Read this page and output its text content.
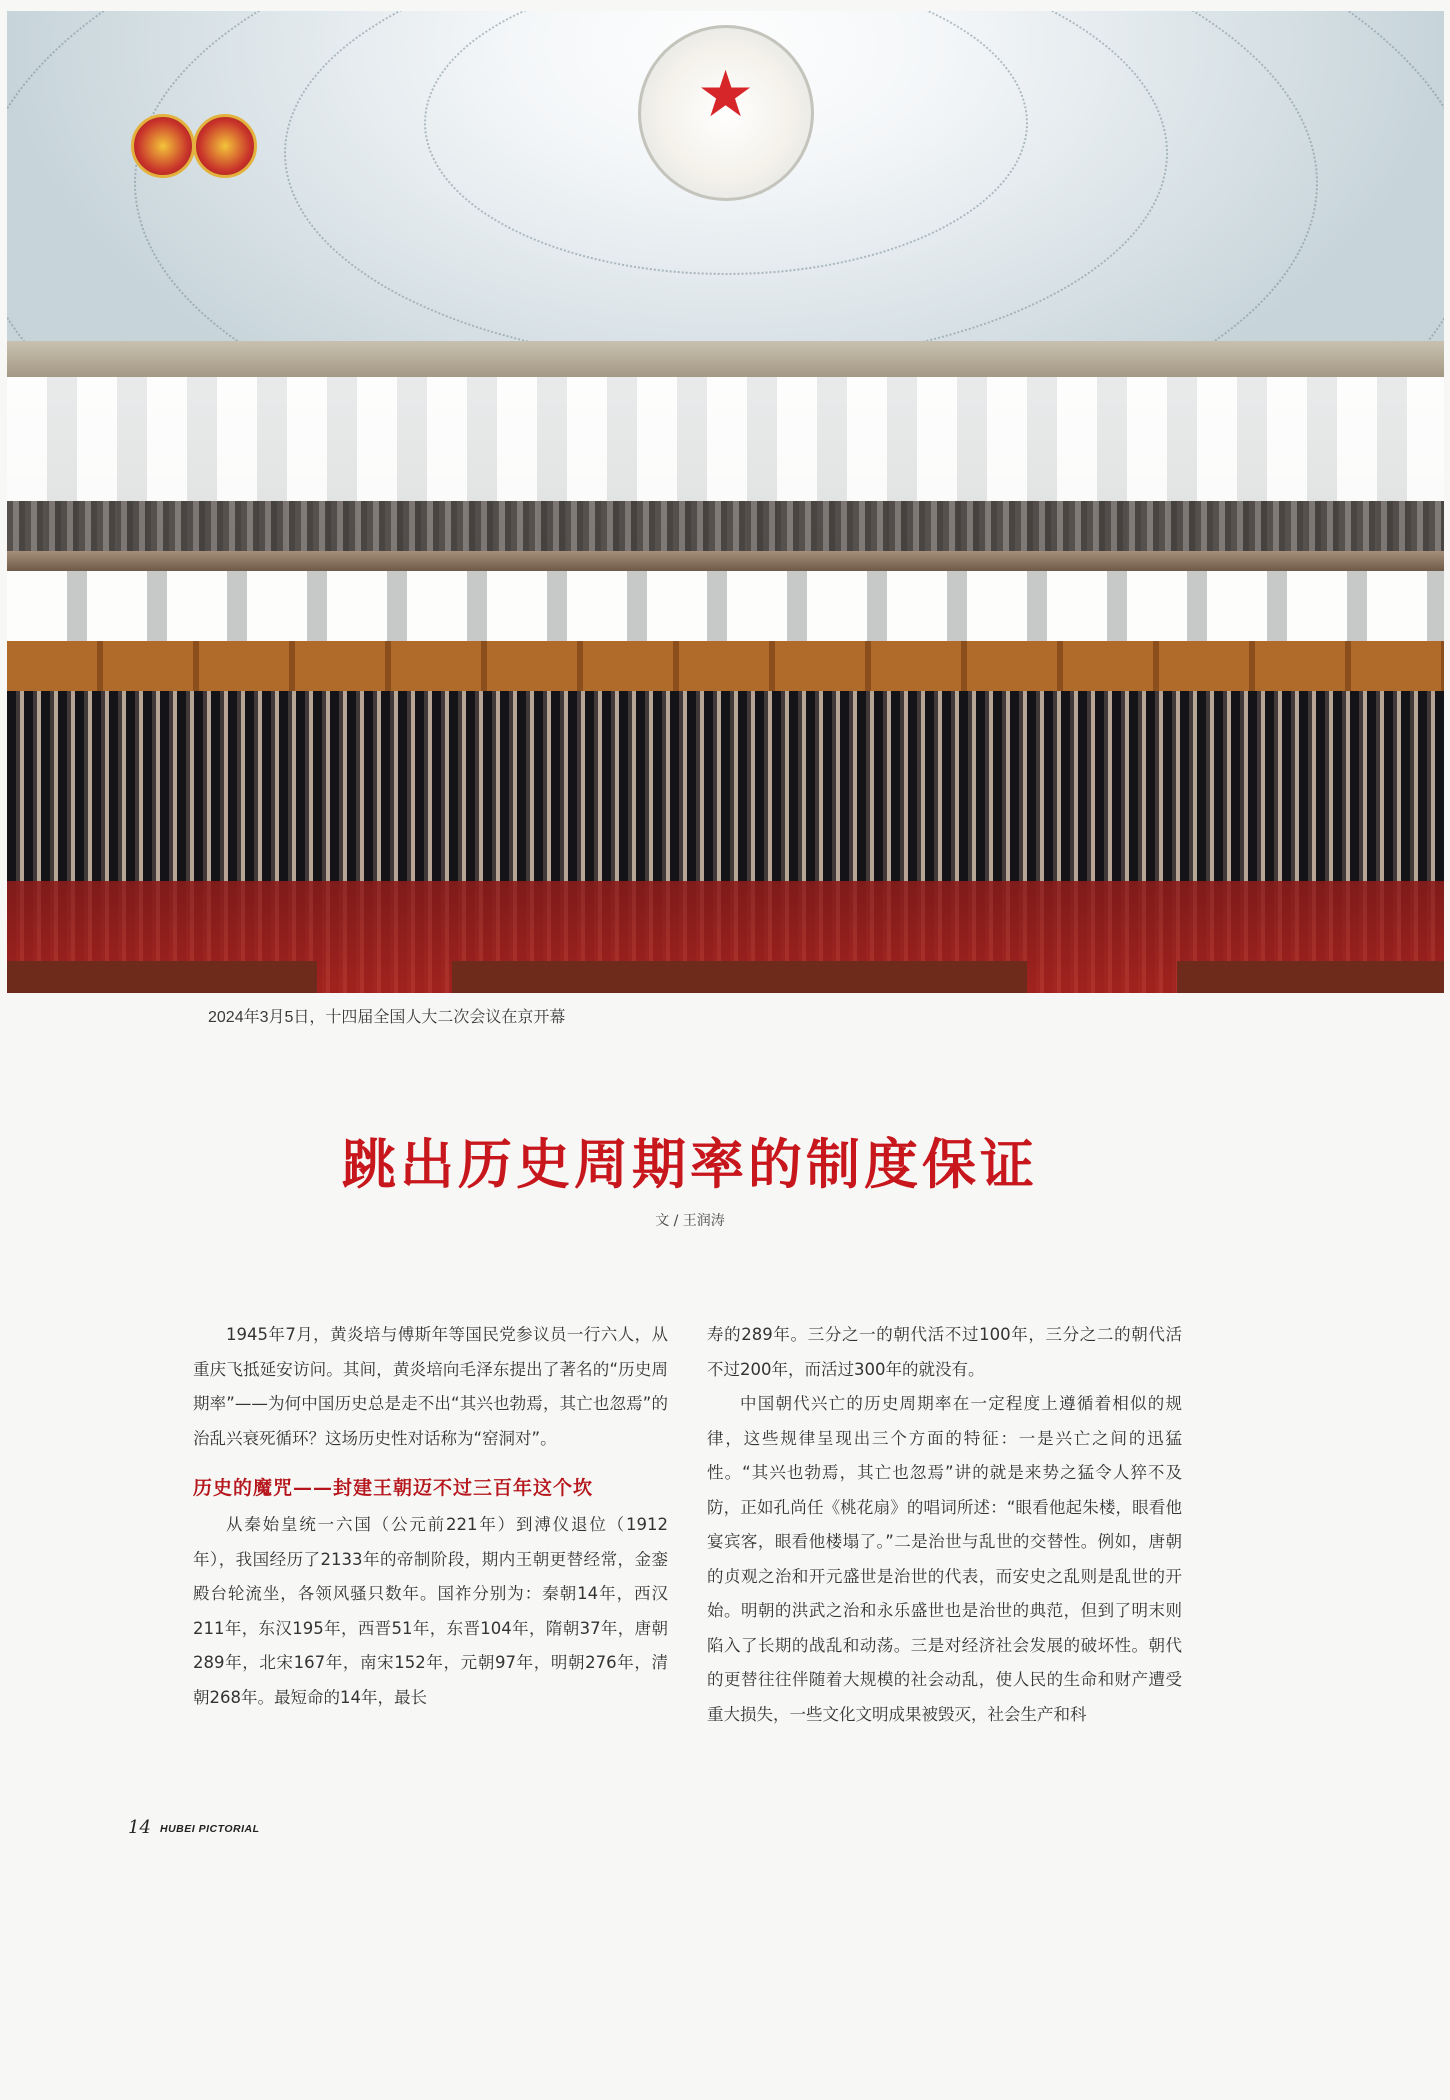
★
2024年3月5日，十四届全国人大二次会议在京开幕
跳出历史周期率的制度保证
文 / 王润涛

1945年7月，黄炎培与傅斯年等国民党参议员一行六人，从重庆飞抵延安访问。其间，黄炎培向毛泽东提出了著名的“历史周期率”——为何中国历史总是走不出“其兴也勃焉，其亡也忽焉”的治乱兴衰死循环？这场历史性对话称为“窑洞对”。

历史的魔咒——封建王朝迈不过三百年这个坎

从秦始皇统一六国（公元前221年）到溥仪退位（1912年），我国经历了2133年的帝制阶段，期内王朝更替经常，金銮殿台轮流坐，各领风骚只数年。国祚分别为：秦朝14年，西汉211年，东汉195年，西晋51年，东晋104年，隋朝37年，唐朝289年，北宋167年，南宋152年，元朝97年，明朝276年，清朝268年。最短命的14年，最长

寿的289年。三分之一的朝代活不过100年，三分之二的朝代活不过200年，而活过300年的就没有。

中国朝代兴亡的历史周期率在一定程度上遵循着相似的规律，这些规律呈现出三个方面的特征：一是兴亡之间的迅猛性。“其兴也勃焉，其亡也忽焉”讲的就是来势之猛令人猝不及防，正如孔尚任《桃花扇》的唱词所述：“眼看他起朱楼，眼看他宴宾客，眼看他楼塌了。”二是治世与乱世的交替性。例如，唐朝的贞观之治和开元盛世是治世的代表，而安史之乱则是乱世的开始。明朝的洪武之治和永乐盛世也是治世的典范，但到了明末则陷入了长期的战乱和动荡。三是对经济社会发展的破坏性。朝代的更替往往伴随着大规模的社会动乱，使人民的生命和财产遭受重大损失，一些文化文明成果被毁灭，社会生产和科

14 HUBEI PICTORIAL
